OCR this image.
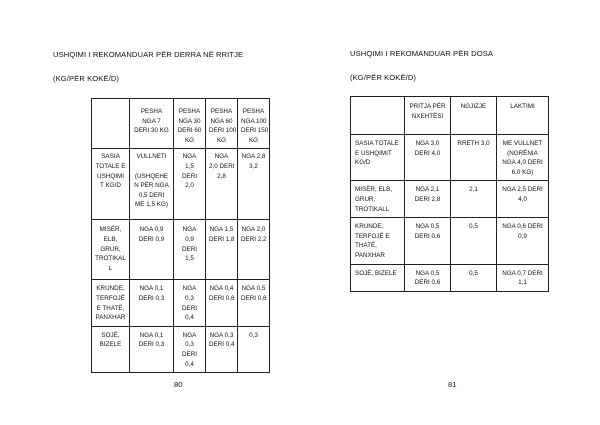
USHQIMI I REKOMANDUAR PËR DERRA NË RRITJE
(KG/PËR KOKË/D)

	PESHA
NGA 7
DERI 30 KG	PESHA
NGA 30
DERI 60
KG	PESHA
NGA 60
DERI 100
KG	PESHA
NGA 100
DERI 150
KG

SASIA
TOTALE E
USHQIMI
T KG/D	VULLNETI

(USHQEHE
N PËR NGA
0,5 DERI
ME 1,5 KG)	NGA
1,5
DERI
2,0	NGA
2,0 DERI
2,8	NGA 2,8
3,2

MISËR,
ELB,
GRUR,
TROTIKAL
L	NGA 0,9
DERI 0,9	NGA
0,9
DERI
1,5	NGA 1,5
DERI 1,8	NGA 2,0
DERI 2,2

KRUNDE,
TERFOJË
E THATË,
PANXHAR	NGA 0,1
DERI 0,3	NGA
0,3
DERI
0,4	NGA 0,4
DERI 0,6	NGA 0,5
DERI 0,6

SOJË,
BIZELE	NGA 0,1
DERI 0,3	NGA
0,3
DERI
0,4	NGA 0,3
DERI 0,4	0,3
80
USHQIMI I REKOMANDUAR PËR DOSA
(KG/PËR KOKË/D)

	PRITJA PËR
NXEHTËSI	NGJIZJE	LAKTIMI

SASIA TOTALE
E USHQIMIT
KG/D	NGA 3,0
DERI 4,0	RRETH 3,0	ME VULLNET
(NGRËNIA
NGA 4,0 DERI
6,0 KG)

MISËR, ELB,
GRUR,
TROTIKALL	NGA 2,1
DERI 2,8	2,1	NGA 2,5 DERI
4,0

KRUNDE,
TERFOJË E
THATË,
PANXHAR	NGA 0,5
DERI 0,6	0,5	NGA 0,6 DERI
0,9

SOJË, BIZELE	NGA 0,5
DERI 0,6	0,5	NGA 0,7 DERI
1,1
81
